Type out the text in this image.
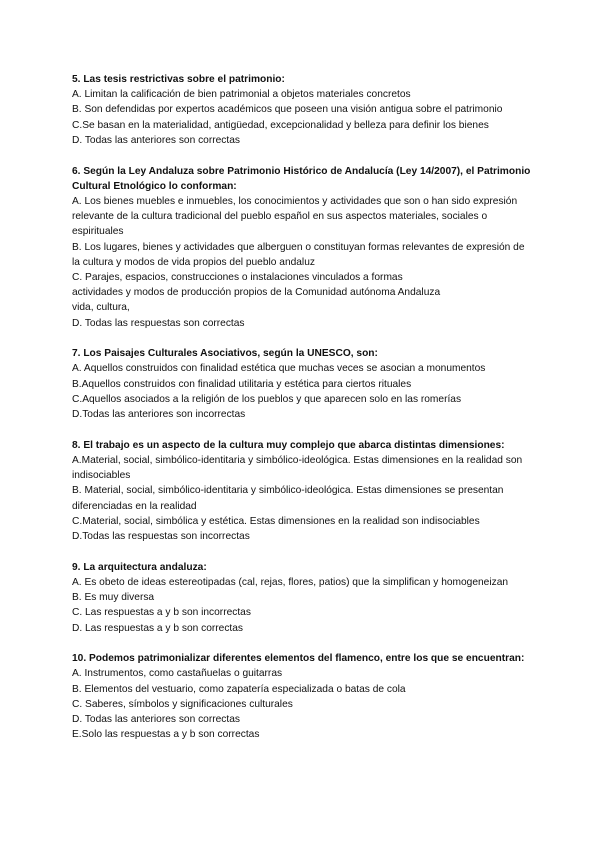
5. Las tesis restrictivas sobre el patrimonio:

A. Limitan la calificación de bien patrimonial a objetos materiales concretos

B. Son defendidas por expertos académicos que poseen una visión antigua sobre el patrimonio

C.Se basan en la materialidad, antigüedad, excepcionalidad y belleza para definir los bienes

D. Todas las anteriores son correctas

6. Según la Ley Andaluza sobre Patrimonio Histórico de Andalucía (Ley 14/2007), el Patrimonio Cultural Etnológico lo conforman:

A. Los bienes muebles e inmuebles, los conocimientos y actividades que son o han sido expresión relevante de la cultura tradicional del pueblo español en sus aspectos materiales, sociales o espirituales

B. Los lugares, bienes y actividades que alberguen o constituyan formas relevantes de expresión de la cultura y modos de vida propios del pueblo andaluz

C. Parajes, espacios, construcciones o instalaciones vinculados a formas

actividades y modos de producción propios de la Comunidad autónoma Andaluza

vida, cultura,

D. Todas las respuestas son correctas

7. Los Paisajes Culturales Asociativos, según la UNESCO, son:

A. Aquellos construidos con finalidad estética que muchas veces se asocian a monumentos

B.Aquellos construidos con finalidad utilitaria y estética para ciertos rituales

C.Aquellos asociados a la religión de los pueblos y que aparecen solo en las romerías

D.Todas las anteriores son incorrectas

8. El trabajo es un aspecto de la cultura muy complejo que abarca distintas dimensiones:

A.Material, social, simbólico-identitaria y simbólico-ideológica. Estas dimensiones en la realidad son indisociables

B. Material, social, simbólico-identitaria y simbólico-ideológica. Estas dimensiones se presentan diferenciadas en la realidad

C.Material, social, simbólica y estética. Estas dimensiones en la realidad son indisociables

D.Todas las respuestas son incorrectas

9. La arquitectura andaluza:

A. Es obeto de ideas estereotipadas (cal, rejas, flores, patios) que la simplifican y homogeneizan

B. Es muy diversa

C. Las respuestas a y b son incorrectas

D. Las respuestas a y b son correctas

10. Podemos patrimonializar diferentes elementos del flamenco, entre los que se encuentran:

A. Instrumentos, como castañuelas o guitarras

B. Elementos del vestuario, como zapatería especializada o batas de cola

C. Saberes, símbolos y significaciones culturales

D. Todas las anteriores son correctas

E.Solo las respuestas a y b son correctas
